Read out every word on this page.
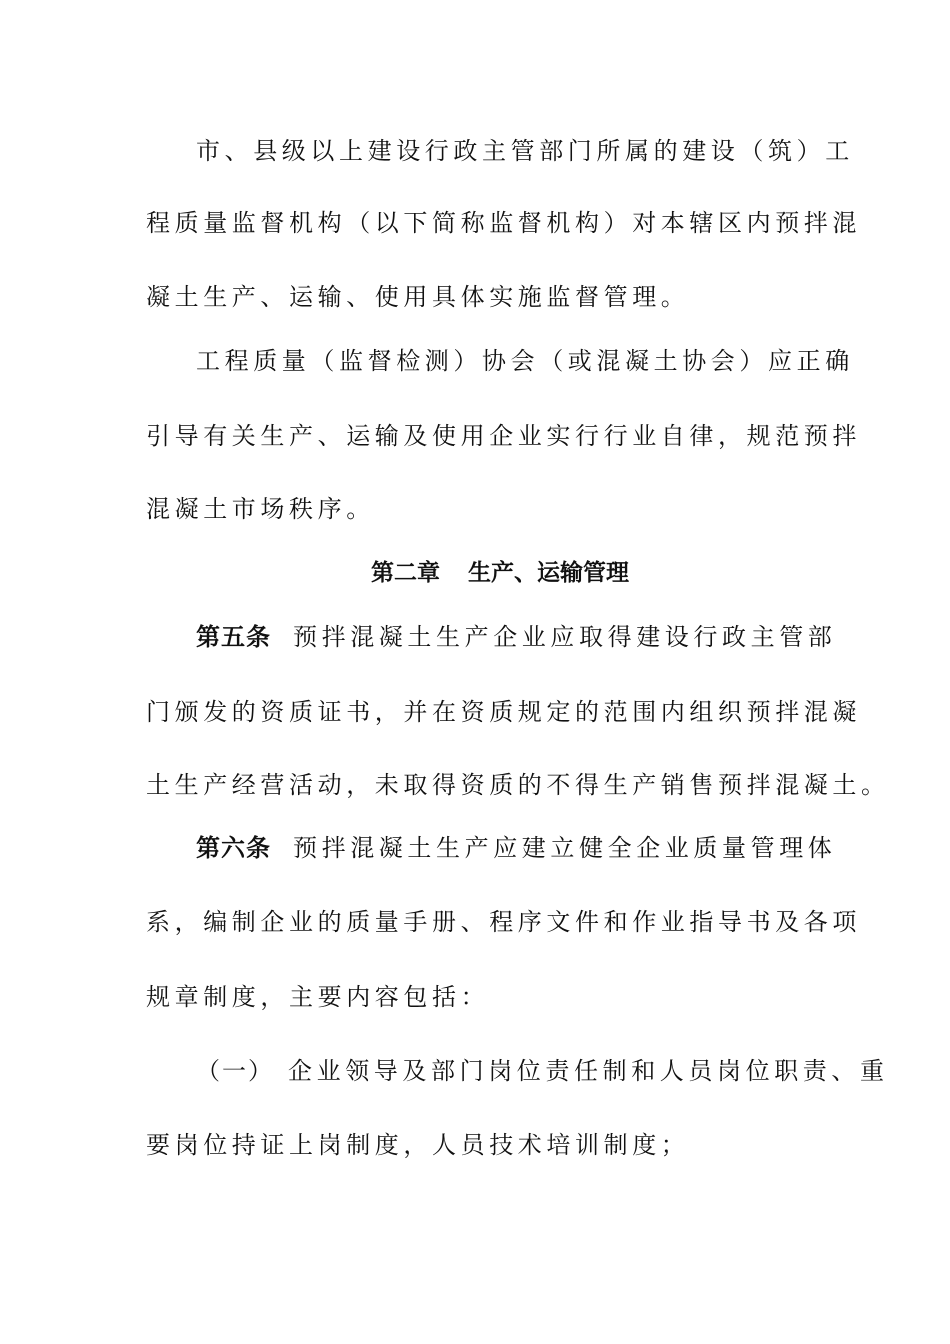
市、县级以上建设行政主管部门所属的建设（筑）工
程质量监督机构（以下简称监督机构）对本辖区内预拌混
凝土生产、运输、使用具体实施监督管理。
工程质量（监督检测）协会（或混凝土协会）应正确
引导有关生产、运输及使用企业实行行业自律，规范预拌
混凝土市场秩序。
第二章 生产、运输管理
第五条 预拌混凝土生产企业应取得建设行政主管部
门颁发的资质证书，并在资质规定的范围内组织预拌混凝
土生产经营活动，未取得资质的不得生产销售预拌混凝土。
第六条 预拌混凝土生产应建立健全企业质量管理体
系，编制企业的质量手册、程序文件和作业指导书及各项
规章制度，主要内容包括：
（一） 企业领导及部门岗位责任制和人员岗位职责、重
要岗位持证上岗制度，人员技术培训制度；
